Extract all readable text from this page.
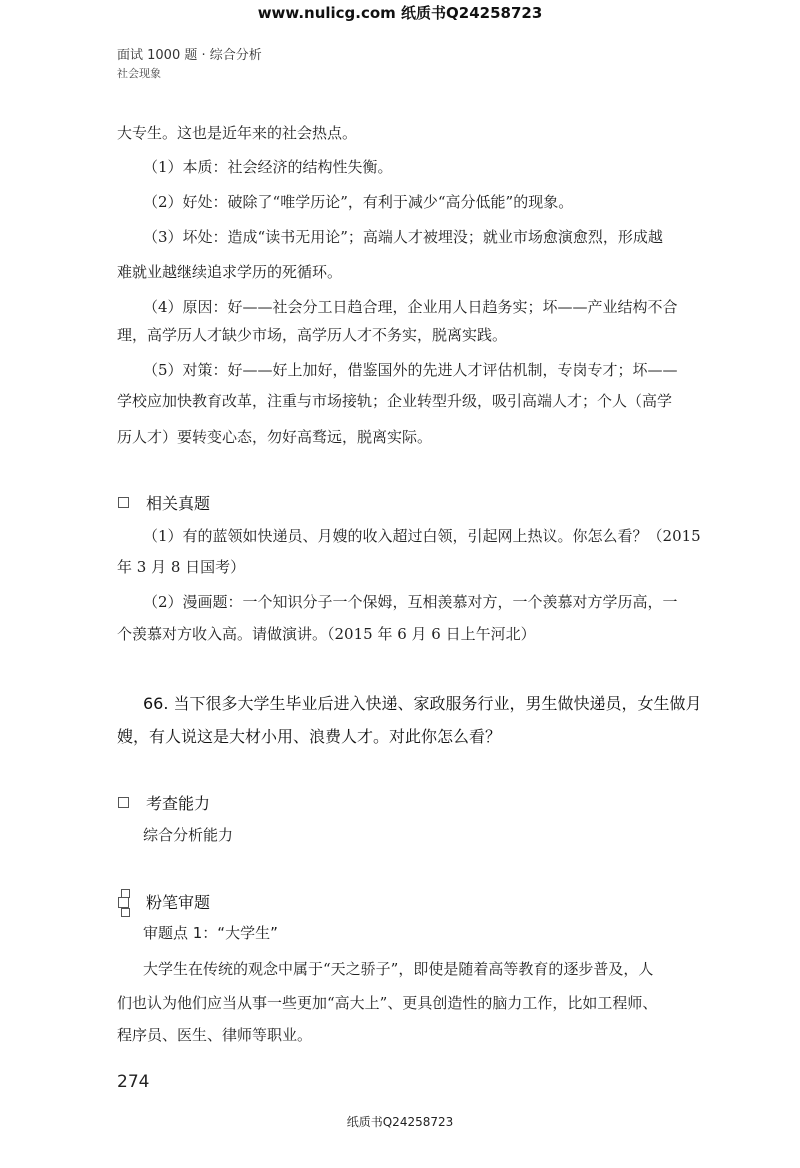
www.nulicg.com 纸质书Q24258723
面试 1000 题 · 综合分析
社会现象
大专生。这也是近年来的社会热点。
（1）本质：社会经济的结构性失衡。
（2）好处：破除了“唯学历论”，有利于减少“高分低能”的现象。
（3）坏处：造成“读书无用论”；高端人才被埋没；就业市场愈演愈烈，形成越
难就业越继续追求学历的死循环。
（4）原因：好——社会分工日趋合理，企业用人日趋务实；坏——产业结构不合
理，高学历人才缺少市场，高学历人才不务实，脱离实践。
（5）对策：好——好上加好，借鉴国外的先进人才评估机制，专岗专才；坏——
学校应加快教育改革，注重与市场接轨；企业转型升级，吸引高端人才；个人（高学
历人才）要转变心态，勿好高骛远，脱离实际。
相关真题
（1）有的蓝领如快递员、月嫂的收入超过白领，引起网上热议。你怎么看？（2015
年 3 月 8 日国考）
（2）漫画题：一个知识分子一个保姆，互相羡慕对方，一个羡慕对方学历高，一
个羡慕对方收入高。请做演讲。（2015 年 6 月 6 日上午河北）
66. 当下很多大学生毕业后进入快递、家政服务行业，男生做快递员，女生做月
嫂，有人说这是大材小用、浪费人才。对此你怎么看？
考查能力
综合分析能力
粉笔审题
审题点 1：“大学生”
大学生在传统的观念中属于“天之骄子”，即使是随着高等教育的逐步普及，人
们也认为他们应当从事一些更加“高大上”、更具创造性的脑力工作，比如工程师、
程序员、医生、律师等职业。
274
纸质书Q24258723
